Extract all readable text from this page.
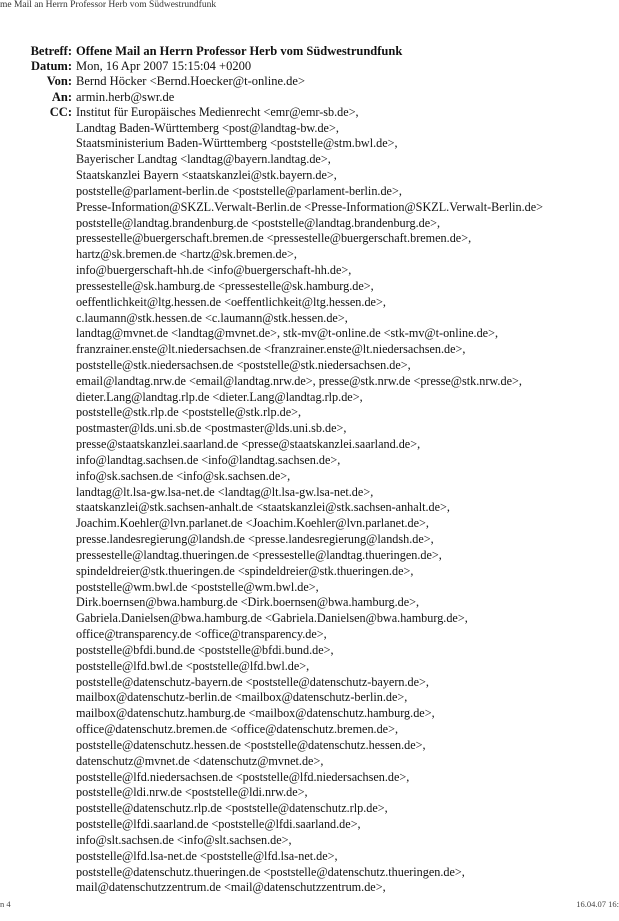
me Mail an Herrn Professor Herb vom Südwestrundfunk
Betreff: Offene Mail an Herrn Professor Herb vom Südwestrundfunk
Datum: Mon, 16 Apr 2007 15:15:04 +0200
Von: Bernd Höcker <Bernd.Hoecker@t-online.de>
An: armin.herb@swr.de
CC: Institut für Europäisches Medienrecht <emr@emr-sb.de>,
Landtag Baden-Württemberg <post@landtag-bw.de>,
Staatsministerium Baden-Württemberg <poststelle@stm.bwl.de>,
Bayerischer Landtag <landtag@bayern.landtag.de>,
Staatskanzlei Bayern <staatskanzlei@stk.bayern.de>,
poststelle@parlament-berlin.de <poststelle@parlament-berlin.de>,
Presse-Information@SKZL.Verwalt-Berlin.de <Presse-Information@SKZL.Verwalt-Berlin.de>
poststelle@landtag.brandenburg.de <poststelle@landtag.brandenburg.de>,
pressestelle@buergerschaft.bremen.de <pressestelle@buergerschaft.bremen.de>,
hartz@sk.bremen.de <hartz@sk.bremen.de>,
info@buergerschaft-hh.de <info@buergerschaft-hh.de>,
pressestelle@sk.hamburg.de <pressestelle@sk.hamburg.de>,
oeffentlichkeit@ltg.hessen.de <oeffentlichkeit@ltg.hessen.de>,
c.laumann@stk.hessen.de <c.laumann@stk.hessen.de>,
landtag@mvnet.de <landtag@mvnet.de>, stk-mv@t-online.de <stk-mv@t-online.de>,
franzrainer.enste@lt.niedersachsen.de <franzrainer.enste@lt.niedersachsen.de>,
poststelle@stk.niedersachsen.de <poststelle@stk.niedersachsen.de>,
email@landtag.nrw.de <email@landtag.nrw.de>, presse@stk.nrw.de <presse@stk.nrw.de>,
dieter.Lang@landtag.rlp.de <dieter.Lang@landtag.rlp.de>,
poststelle@stk.rlp.de <poststelle@stk.rlp.de>,
postmaster@lds.uni.sb.de <postmaster@lds.uni.sb.de>,
presse@staatskanzlei.saarland.de <presse@staatskanzlei.saarland.de>,
info@landtag.sachsen.de <info@landtag.sachsen.de>,
info@sk.sachsen.de <info@sk.sachsen.de>,
landtag@lt.lsa-gw.lsa-net.de <landtag@lt.lsa-gw.lsa-net.de>,
staatskanzlei@stk.sachsen-anhalt.de <staatskanzlei@stk.sachsen-anhalt.de>,
Joachim.Koehler@lvn.parlanet.de <Joachim.Koehler@lvn.parlanet.de>,
presse.landesregierung@landsh.de <presse.landesregierung@landsh.de>,
pressestelle@landtag.thueringen.de <pressestelle@landtag.thueringen.de>,
spindeldreier@stk.thueringen.de <spindeldreier@stk.thueringen.de>,
poststelle@wm.bwl.de <poststelle@wm.bwl.de>,
Dirk.boernsen@bwa.hamburg.de <Dirk.boernsen@bwa.hamburg.de>,
Gabriela.Danielsen@bwa.hamburg.de <Gabriela.Danielsen@bwa.hamburg.de>,
office@transparency.de <office@transparency.de>,
poststelle@bfdi.bund.de <poststelle@bfdi.bund.de>,
poststelle@lfd.bwl.de <poststelle@lfd.bwl.de>,
poststelle@datenschutz-bayern.de <poststelle@datenschutz-bayern.de>,
mailbox@datenschutz-berlin.de <mailbox@datenschutz-berlin.de>,
mailbox@datenschutz.hamburg.de <mailbox@datenschutz.hamburg.de>,
office@datenschutz.bremen.de <office@datenschutz.bremen.de>,
poststelle@datenschutz.hessen.de <poststelle@datenschutz.hessen.de>,
datenschutz@mvnet.de <datenschutz@mvnet.de>,
poststelle@lfd.niedersachsen.de <poststelle@lfd.niedersachsen.de>,
poststelle@ldi.nrw.de <poststelle@ldi.nrw.de>,
poststelle@datenschutz.rlp.de <poststelle@datenschutz.rlp.de>,
poststelle@lfdi.saarland.de <poststelle@lfdi.saarland.de>,
info@slt.sachsen.de <info@slt.sachsen.de>,
poststelle@lfd.lsa-net.de <poststelle@lfd.lsa-net.de>,
poststelle@datenschutz.thueringen.de <poststelle@datenschutz.thueringen.de>,
mail@datenschutzzentrum.de <mail@datenschutzzentrum.de>,
n 4	16.04.07 16:
